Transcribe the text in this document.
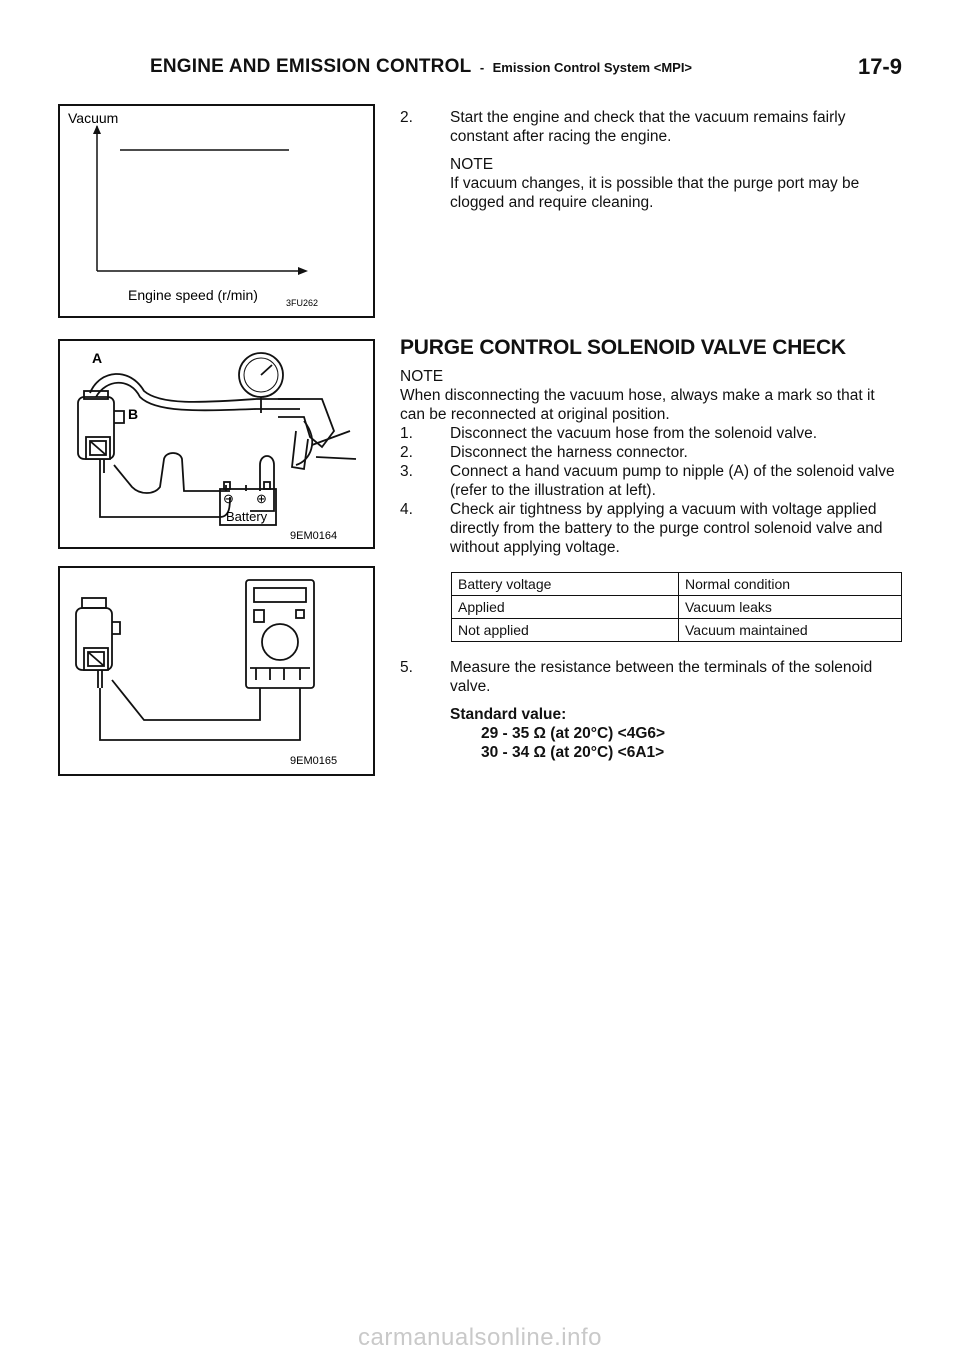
ENGINE AND EMISSION CONTROL - Emission Control System <MPI>	17-9
Vacuum
Engine speed (r/min)	3FU262
⊖ ⊕
Battery
A
B
9EM0164
9EM0165
2. Start the engine and check that the vacuum remains fairly constant after racing the engine.
NOTE
If vacuum changes, it is possible that the purge port may be clogged and require cleaning.
PURGE CONTROL SOLENOID VALVE CHECK
NOTE
When disconnecting the vacuum hose, always make a mark so that it can be reconnected at original position.
1. Disconnect the vacuum hose from the solenoid valve.
2. Disconnect the harness connector.
3. Connect a hand vacuum pump to nipple (A) of the solenoid valve (refer to the illustration at left).
4. Check air tightness by applying a vacuum with voltage applied directly from the battery to the purge control solenoid valve and without applying voltage.
Battery voltage	Normal condition
Applied	Vacuum leaks
Not applied	Vacuum maintained
5. Measure the resistance between the terminals of the solenoid valve.
Standard value:
29 - 35 Ω (at 20°C) <4G6>
30 - 34 Ω (at 20°C) <6A1>
carmanualsonline.info
